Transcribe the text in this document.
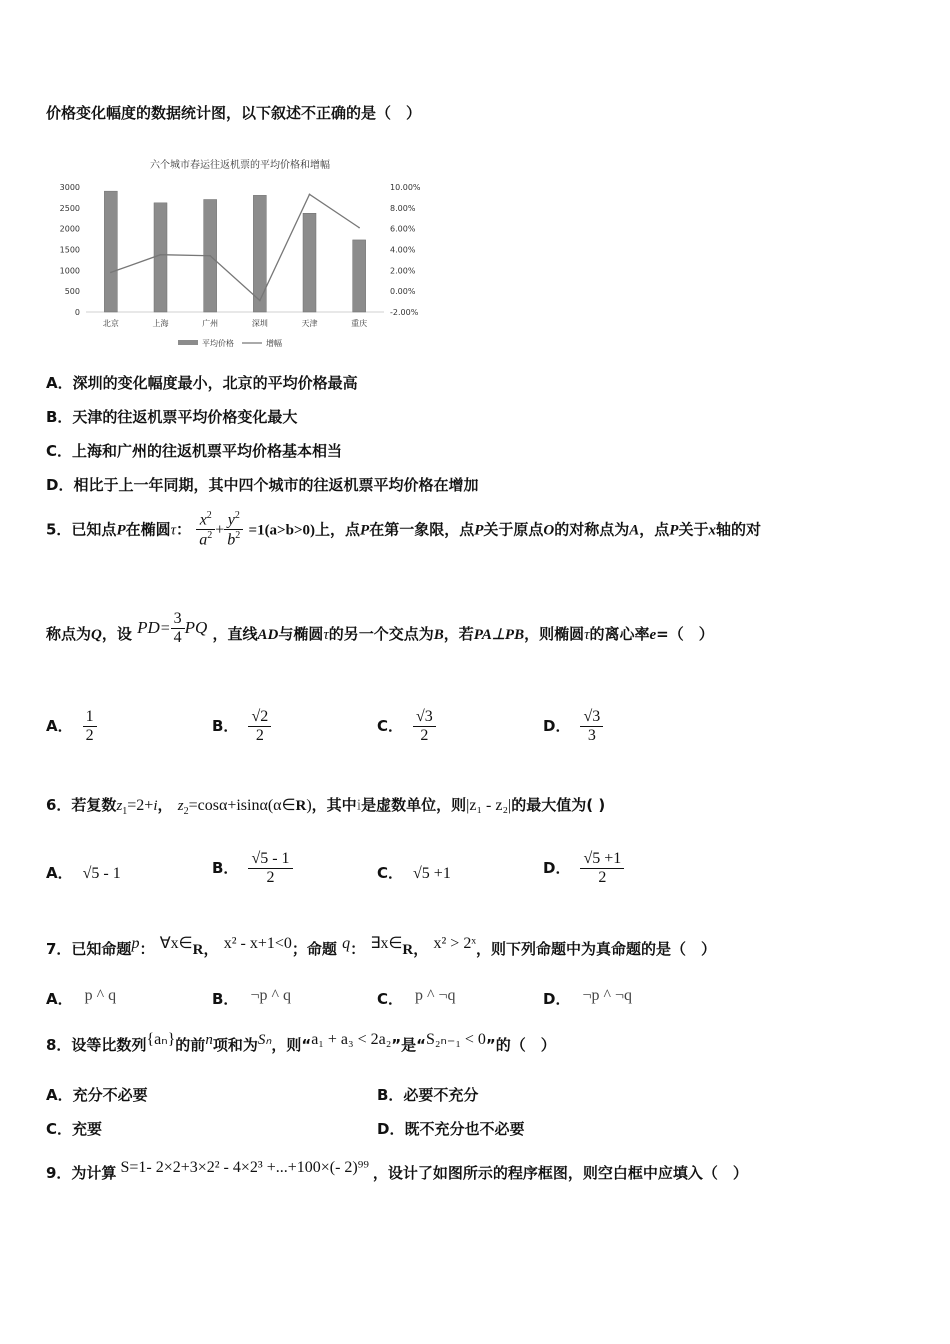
价格变化幅度的数据统计图，以下叙述不正确的是（　）
六个城市春运往返机票的平均价格和增幅
3000
2500
2000
1500
1000
500
0
10.00%
8.00%
6.00%
4.00%
2.00%
0.00%
-2.00%
北京	上海	广州	深圳	天津	重庆
平均价格	增幅
A．深圳的变化幅度最小，北京的平均价格最高
B．天津的往返机票平均价格变化最大
C．上海和广州的往返机票平均价格基本相当
D．相比于上一年同期，其中四个城市的往返机票平均价格在增加
5．已知点P在椭圆τ： $\frac{x^2}{a^2} + \frac{y^2}{b^2} =1(a>b>0)$上，点P在第一象限，点P关于原点O的对称点为A，点P关于x轴的对
称点为Q，设 $PD= \frac{3}{4}$ PQ ，直线AD与椭圆τ的另一个交点为B，若PA⊥PB，则椭圆τ的离心率e=（　）
A． $\frac{1}{2}$	B． $\frac{√2}{2}$	C． $\frac{√3}{2}$	D． $\frac{√3}{3}$
6．若复数$z_1=2+i$， $z_2=\cos\alpha+isin\alpha(\alpha\in R)$，其中i是虚数单位，则|z₁ - z₂|的最大值为( )
A． √5 - 1	B． $\frac{√5 - 1}{2}$	C． √5 +1	D． $\frac{√5 +1}{2}$
7．已知命题p： ∀x∈R， x² - x+1<0；命题 q： ∃x∈R， x² > 2ˣ，则下列命题中为真命题的是（　）
A． p ^ q	B． ¬p ^ q	C． p ^ ¬q	D． ¬p ^ ¬q
8．设等比数列{aₙ}的前n项和为Sₙ，则“a₁ + a₃ < 2a₂”是“S₂ₙ₋₁ < 0”的（　）
A．充分不必要	B．必要不充分
C．充要	D．既不充分也不必要
9．为计算 S=1- 2×2+3×2² - 4×2³ +...+100×(- 2)⁹⁹ ，设计了如图所示的程序框图，则空白框中应填入（　）
